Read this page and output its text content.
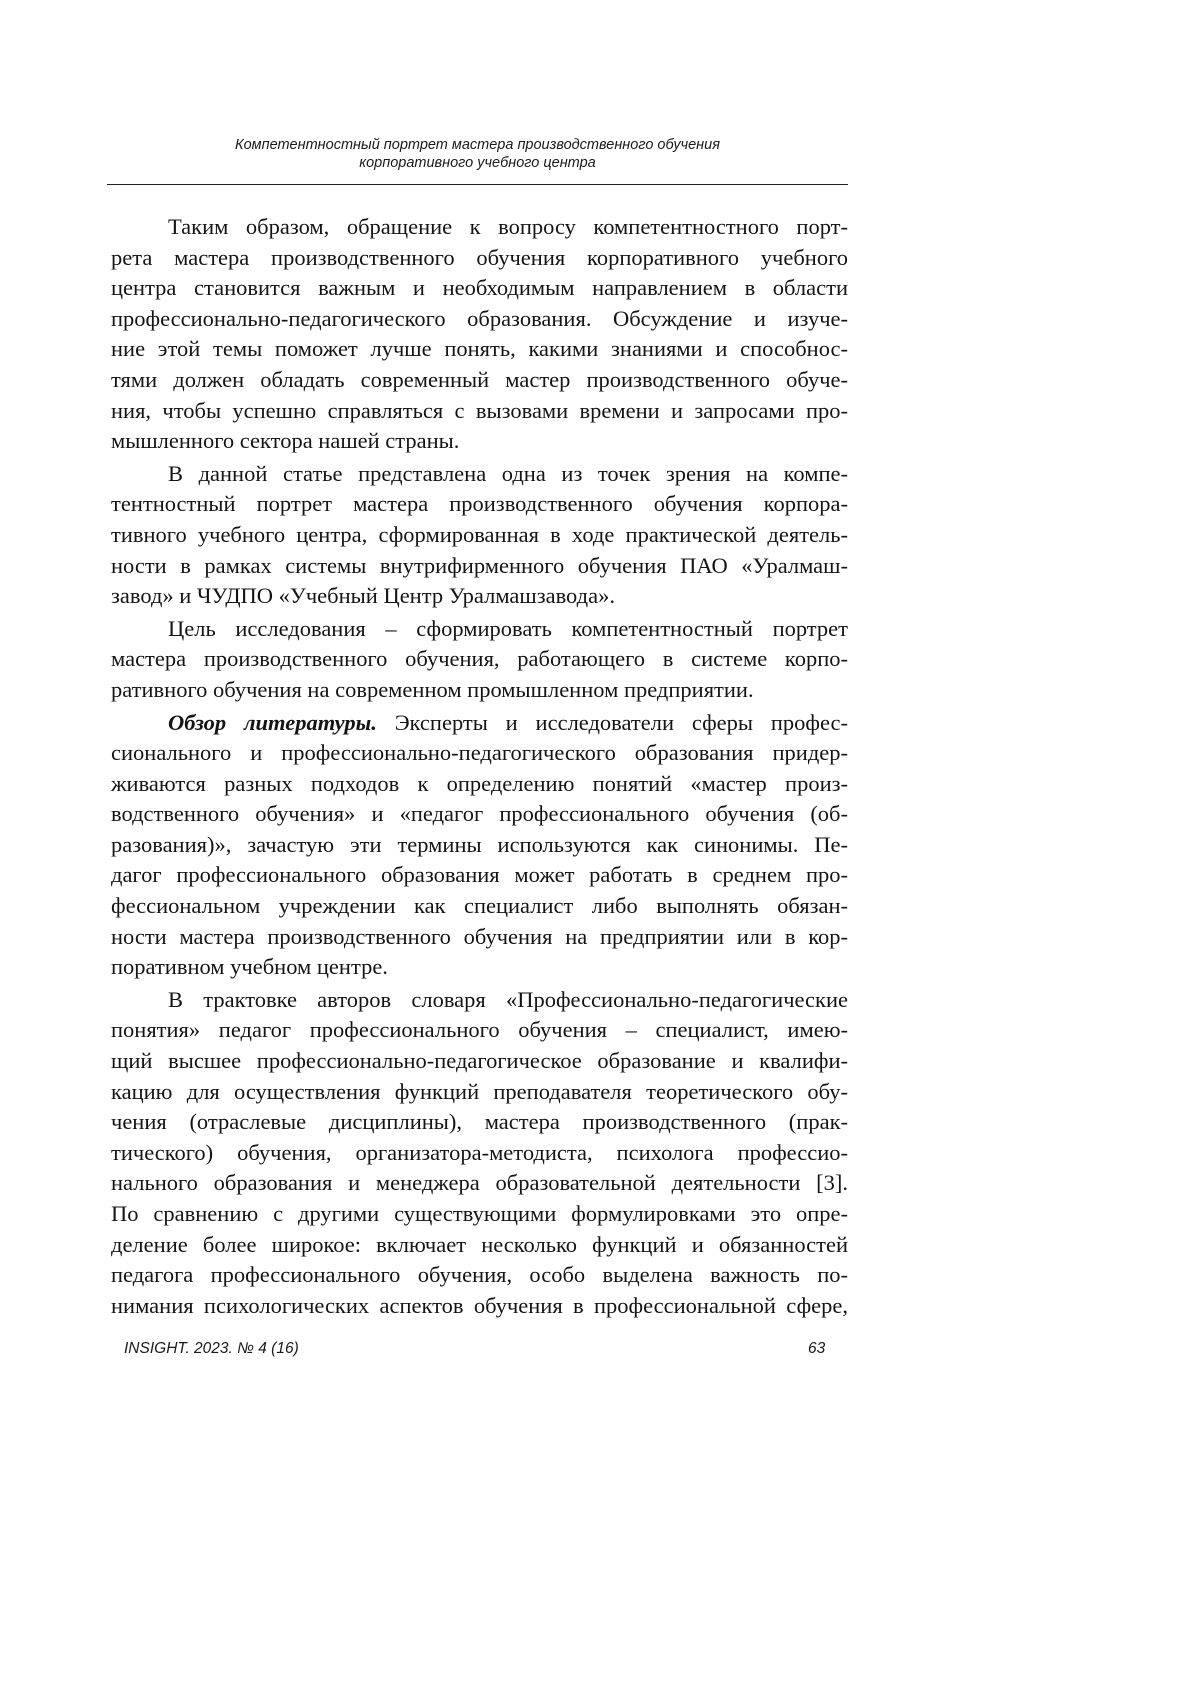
Компетентностный портрет мастера производственного обучения
корпоративного учебного центра

Таким образом, обращение к вопросу компетентностного порт-
рета мастера производственного обучения корпоративного учебного
центра становится важным и необходимым направлением в области
профессионально-педагогического образования. Обсуждение и изуче-
ние этой темы поможет лучше понять, какими знаниями и способнос-
тями должен обладать современный мастер производственного обуче-
ния, чтобы успешно справляться с вызовами времени и запросами про-
мышленного сектора нашей страны.

В данной статье представлена одна из точек зрения на компе-
тентностный портрет мастера производственного обучения корпора-
тивного учебного центра, сформированная в ходе практической деятель-
ности в рамках системы внутрифирменного обучения ПАО «Уралмаш-
завод» и ЧУДПО «Учебный Центр Уралмашзавода».

Цель исследования – сформировать компетентностный портрет
мастера производственного обучения, работающего в системе корпо-
ративного обучения на современном промышленном предприятии.

Обзор литературы. Эксперты и исследователи сферы профес-
сионального и профессионально-педагогического образования придер-
живаются разных подходов к определению понятий «мастер произ-
водственного обучения» и «педагог профессионального обучения (об-
разования)», зачастую эти термины используются как синонимы. Пе-
дагог профессионального образования может работать в среднем про-
фессиональном учреждении как специалист либо выполнять обязан-
ности мастера производственного обучения на предприятии или в кор-
поративном учебном центре.

В трактовке авторов словаря «Профессионально-педагогические
понятия» педагог профессионального обучения – специалист, имею-
щий высшее профессионально-педагогическое образование и квалифи-
кацию для осуществления функций преподавателя теоретического обу-
чения (отраслевые дисциплины), мастера производственного (прак-
тического) обучения, организатора-методиста, психолога профессио-
нального образования и менеджера образовательной деятельности [3].
По сравнению с другими существующими формулировками это опре-
деление более широкое: включает несколько функций и обязанностей
педагога профессионального обучения, особо выделена важность по-
нимания психологических аспектов обучения в профессиональной сфере,

INSIGHT. 2023. № 4 (16)	63
